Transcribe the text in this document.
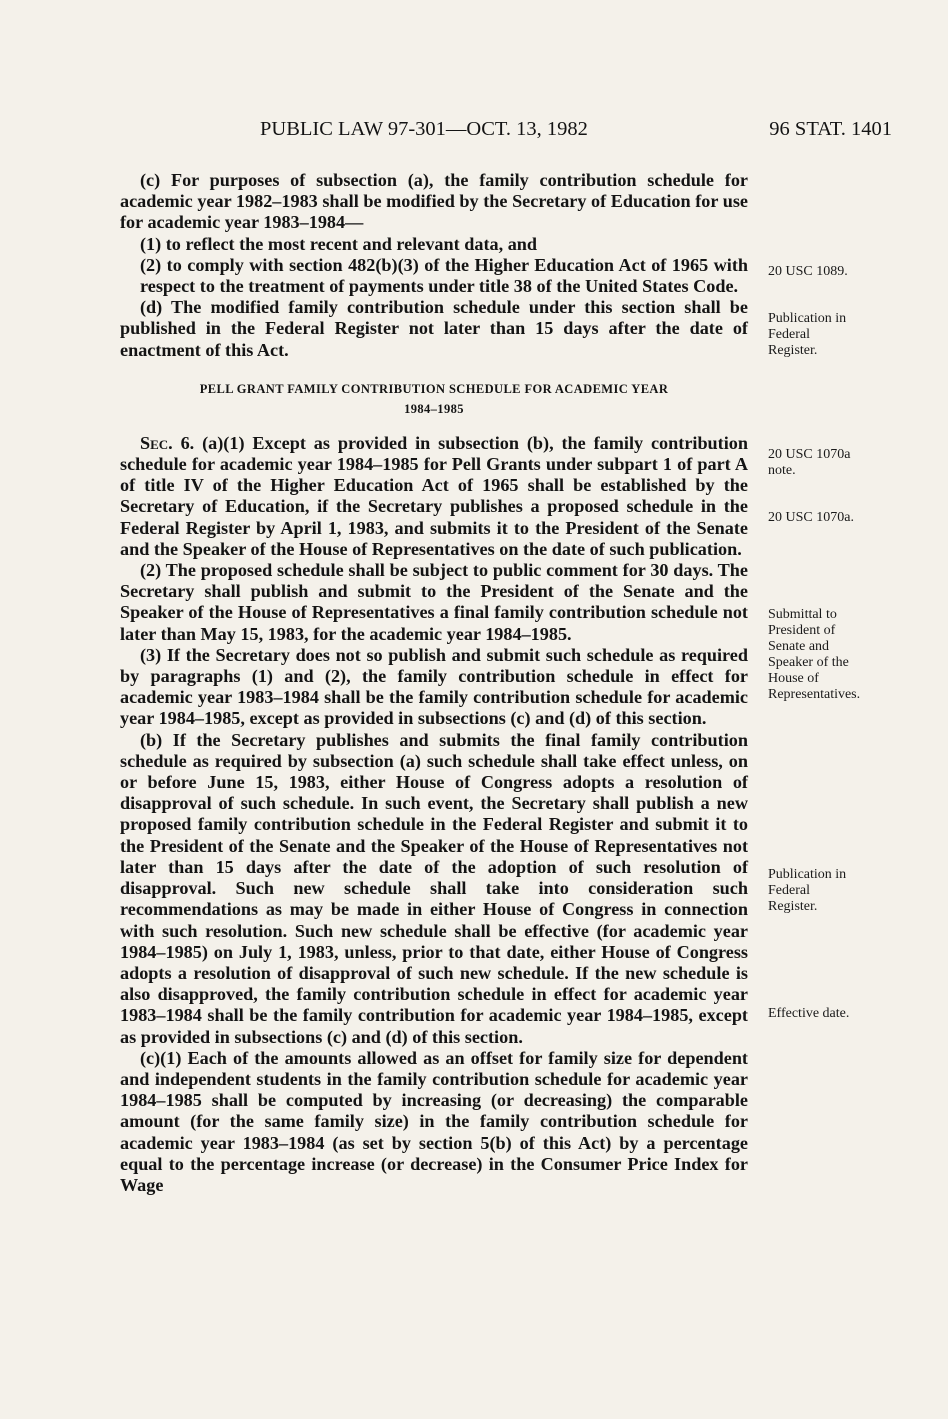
PUBLIC LAW 97-301—OCT. 13, 1982	96 STAT. 1401

(c) For purposes of subsection (a), the family contribution schedule for academic year 1982–1983 shall be modified by the Secretary of Education for use for academic year 1983–1984—

(1) to reflect the most recent and relevant data, and

(2) to comply with section 482(b)(3) of the Higher Education Act of 1965 with respect to the treatment of payments under title 38 of the United States Code.

(d) The modified family contribution schedule under this section shall be published in the Federal Register not later than 15 days after the date of enactment of this Act.

PELL GRANT FAMILY CONTRIBUTION SCHEDULE FOR ACADEMIC YEAR
1984–1985

Sec. 6. (a)(1) Except as provided in subsection (b), the family contribution schedule for academic year 1984–1985 for Pell Grants under subpart 1 of part A of title IV of the Higher Education Act of 1965 shall be established by the Secretary of Education, if the Secretary publishes a proposed schedule in the Federal Register by April 1, 1983, and submits it to the President of the Senate and the Speaker of the House of Representatives on the date of such publication.

(2) The proposed schedule shall be subject to public comment for 30 days. The Secretary shall publish and submit to the President of the Senate and the Speaker of the House of Representatives a final family contribution schedule not later than May 15, 1983, for the academic year 1984–1985.

(3) If the Secretary does not so publish and submit such schedule as required by paragraphs (1) and (2), the family contribution schedule in effect for academic year 1983–1984 shall be the family contribution schedule for academic year 1984–1985, except as provided in subsections (c) and (d) of this section.

(b) If the Secretary publishes and submits the final family contribution schedule as required by subsection (a) such schedule shall take effect unless, on or before June 15, 1983, either House of Congress adopts a resolution of disapproval of such schedule. In such event, the Secretary shall publish a new proposed family contribution schedule in the Federal Register and submit it to the President of the Senate and the Speaker of the House of Representatives not later than 15 days after the date of the adoption of such resolution of disapproval. Such new schedule shall take into consideration such recommendations as may be made in either House of Congress in connection with such resolution. Such new schedule shall be effective (for academic year 1984–1985) on July 1, 1983, unless, prior to that date, either House of Congress adopts a resolution of disapproval of such new schedule. If the new schedule is also disapproved, the family contribution schedule in effect for academic year 1983–1984 shall be the family contribution for academic year 1984–1985, except as provided in subsections (c) and (d) of this section.

(c)(1) Each of the amounts allowed as an offset for family size for dependent and independent students in the family contribution schedule for academic year 1984–1985 shall be computed by increasing (or decreasing) the comparable amount (for the same family size) in the family contribution schedule for academic year 1983–1984 (as set by section 5(b) of this Act) by a percentage equal to the percentage increase (or decrease) in the Consumer Price Index for Wage

20 USC 1089.
Publication in
Federal
Register.
20 USC 1070a
note.
20 USC 1070a.
Submittal to
President of
Senate and
Speaker of the
House of
Representatives.
Publication in
Federal
Register.
Effective date.
